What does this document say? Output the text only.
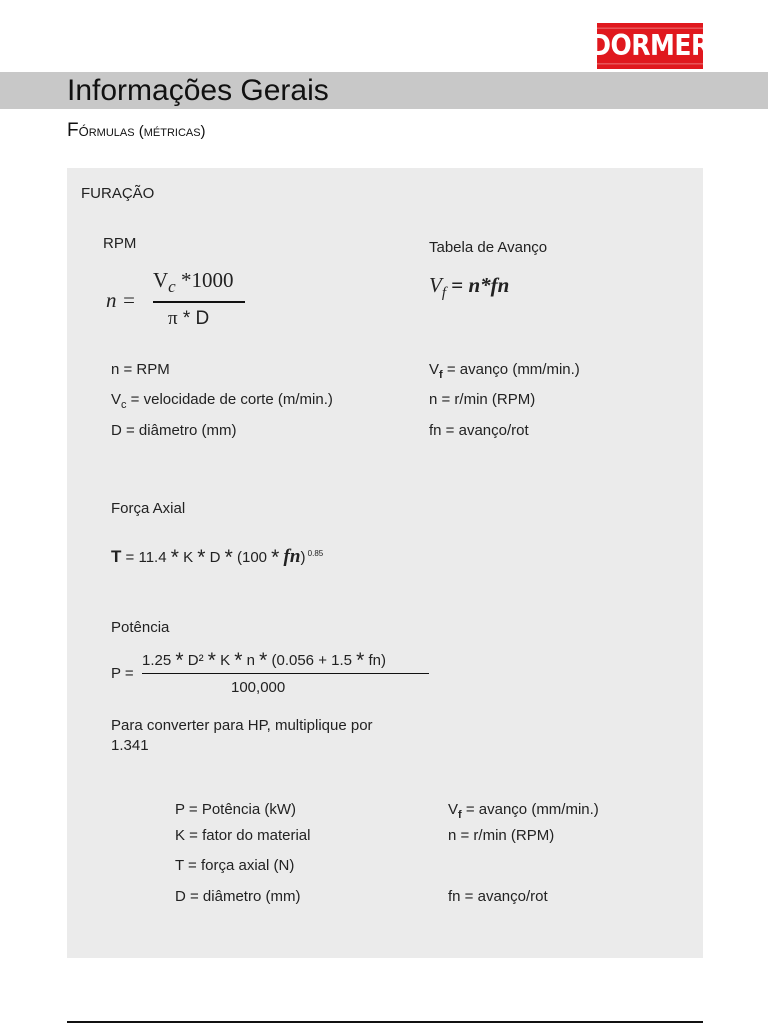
DORMER
Informações Gerais
Fórmulas (métricas)
FURAÇÃO
RPM
n =
$V_c$ *1000
π * D
n = RPM
$V_c$ = velocidade de corte (m/min.)
D = diâmetro (mm)
Tabela de Avanço
$V_f = n*fn$
$V_f$ = avanço (mm/min.)
n = r/min (RPM)
fn = avanço/rot
Força Axial
T = 11.4 * K * D * (100 * fn) $^{0.85}$
Potência
P =
1.25 * D² * K * n * (0.056 + 1.5 * fn)
100,000
Para converter para HP, multiplique por
1.341
P = Potência (kW)
K = fator do material
T = força axial (N)
D = diâmetro (mm)
$V_f$ = avanço (mm/min.)
n = r/min (RPM)
fn = avanço/rot
